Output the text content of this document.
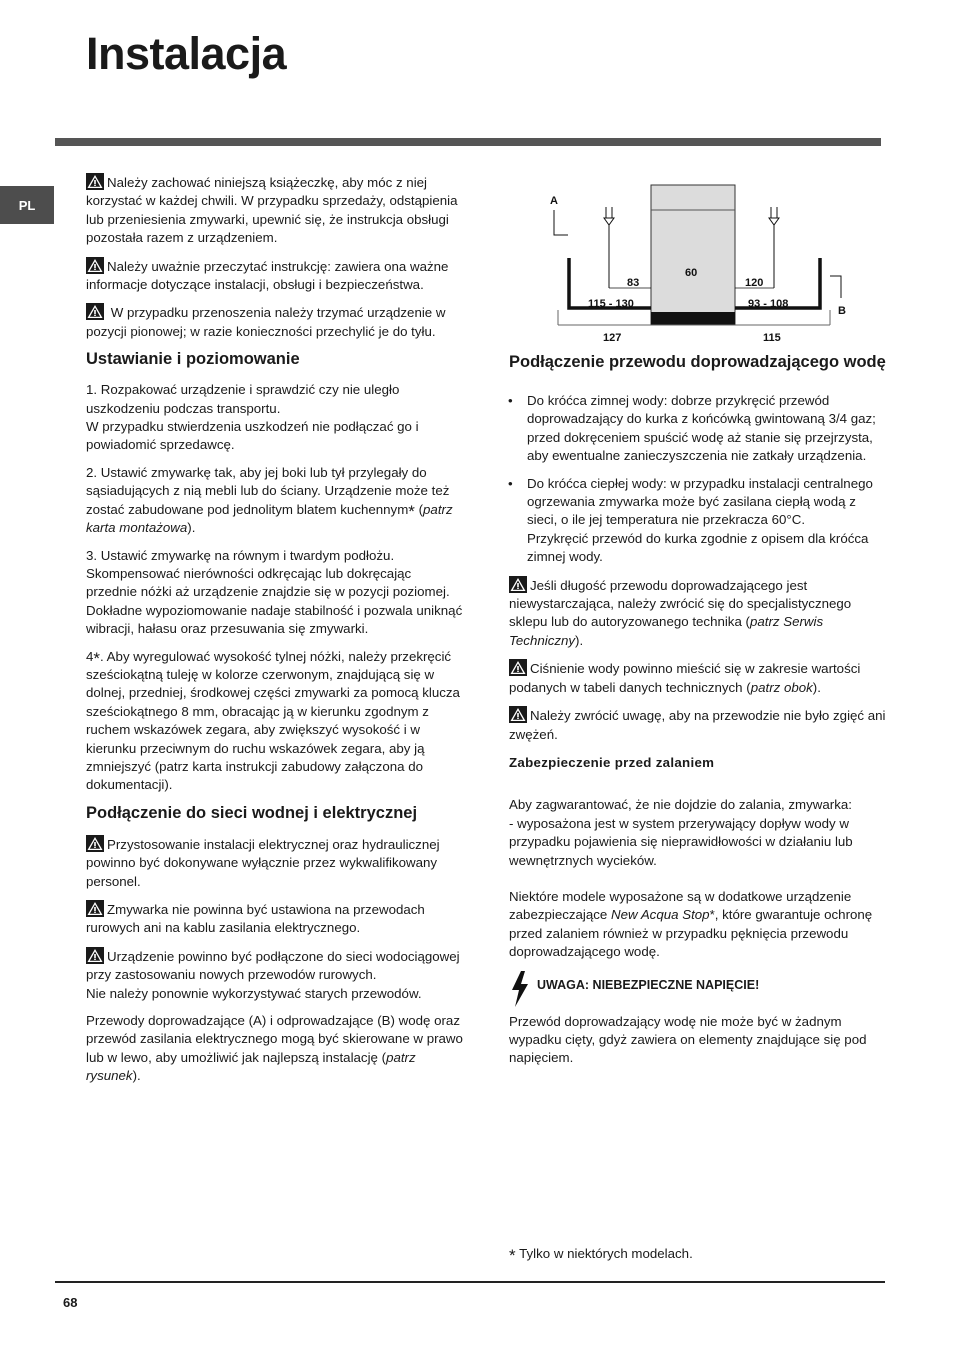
Instalacja
PL

Należy zachować niniejszą książeczkę, aby móc z niej korzystać w każdej chwili. W przypadku sprzedaży, odstąpienia lub przeniesienia zmywarki, upewnić się, że instrukcja obsługi pozostała razem z urządzeniem.

Należy uważnie przeczytać instrukcję: zawiera ona ważne informacje dotyczące instalacji, obsługi i bezpieczeństwa.

W przypadku przenoszenia należy trzymać urządzenie w pozycji pionowej; w razie konieczności przechylić je do tyłu.

Ustawianie i poziomowanie

1. Rozpakować urządzenie i sprawdzić czy nie uległo uszkodzeniu podczas transportu.
W przypadku stwierdzenia uszkodzeń nie podłączać go i powiadomić sprzedawcę.

2. Ustawić zmywarkę tak, aby jej boki lub tył przylegały do sąsiadujących z nią mebli lub do ściany. Urządzenie może też zostać zabudowane pod jednolitym blatem kuchennym* (patrz karta montażowa).

3. Ustawić zmywarkę na równym i twardym podłożu. Skompensować nierówności odkręcając lub dokręcając przednie nóżki aż urządzenie znajdzie się w pozycji poziomej. Dokładne wypoziomowanie nadaje stabilność i pozwala uniknąć wibracji, hałasu oraz przesuwania się zmywarki.

4*. Aby wyregulować wysokość tylnej nóżki, należy przekręcić sześciokątną tuleję w kolorze czerwonym, znajdującą się w dolnej, przedniej, środkowej części zmywarki za pomocą klucza sześciokątnego 8 mm, obracając ją w kierunku zgodnym z ruchem wskazówek zegara, aby zwiększyć wysokość i w kierunku przeciwnym do ruchu wskazówek zegara, aby ją zmniejszyć (patrz karta instrukcji zabudowy załączona do dokumentacji).

Podłączenie do sieci wodnej i elektrycznej

Przystosowanie instalacji elektrycznej oraz hydraulicznej powinno być dokonywane wyłącznie przez wykwalifikowany personel.

Zmywarka nie powinna być ustawiona na przewodach rurowych ani na kablu zasilania elektrycznego.

Urządzenie powinno być podłączone do sieci wodociągowej przy zastosowaniu nowych przewodów rurowych.
Nie należy ponownie wykorzystywać starych przewodów.

Przewody doprowadzające (A) i odprowadzające (B) wodę oraz przewód zasilania elektrycznego mogą być skierowane w prawo lub w lewo, aby umożliwić jak najlepszą instalację (patrz rysunek).

A
B
83
60
120
115 - 130	93 - 108
127	115
Podłączenie przewodu doprowadzającego wodę
• Do króćca zimnej wody: dobrze przykręcić przewód doprowadzający do kurka z końcówką gwintowaną 3/4 gaz; przed dokręceniem spuścić wodę aż stanie się przejrzysta, aby ewentualne zanieczyszczenia nie zatkały urządzenia.
• Do króćca ciepłej wody: w przypadku instalacji centralnego ogrzewania zmywarka może być zasilana ciepłą wodą z sieci, o ile jej temperatura nie przekracza 60°C.
Przykręcić przewód do kurka zgodnie z opisem dla króćca zimnej wody.

Jeśli długość przewodu doprowadzającego jest niewystarczająca, należy zwrócić się do specjalistycznego sklepu lub do autoryzowanego technika (patrz Serwis Techniczny).

Ciśnienie wody powinno mieścić się w zakresie wartości podanych w tabeli danych technicznych (patrz obok).

Należy zwrócić uwagę, aby na przewodzie nie było zgięć ani zwężeń.

Zabezpieczenie przed zalaniem

Aby zagwarantować, że nie dojdzie do zalania, zmywarka:
- wyposażona jest w system przerywający dopływ wody w przypadku pojawienia się nieprawidłowości w działaniu lub wewnętrznych wycieków.

Niektóre modele wyposażone są w dodatkowe urządzenie zabezpieczające New Acqua Stop*, które gwarantuje ochronę przed zalaniem również w przypadku pęknięcia przewodu doprowadzającego wodę.

UWAGA: NIEBEZPIECZNE NAPIĘCIE!

Przewód doprowadzający wodę nie może być w żadnym wypadku cięty, gdyż zawiera on elementy znajdujące się pod napięciem.

* Tylko w niektórych modelach.
68
